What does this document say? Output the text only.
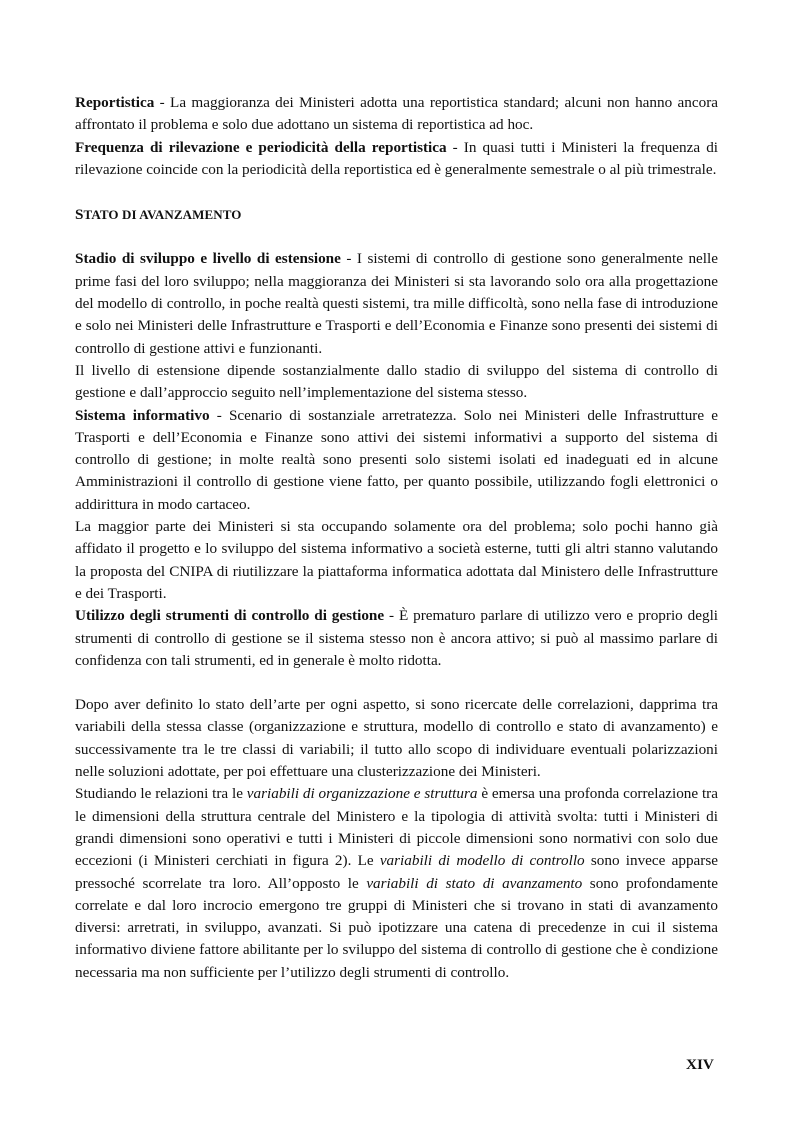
Reportistica - La maggioranza dei Ministeri adotta una reportistica standard; alcuni non hanno ancora affrontato il problema e solo due adottano un sistema di reportistica ad hoc.

Frequenza di rilevazione e periodicità della reportistica - In quasi tutti i Ministeri la frequenza di rilevazione coincide con la periodicità della reportistica ed è generalmente semestrale o al più trimestrale.

STATO DI AVANZAMENTO

Stadio di sviluppo e livello di estensione - I sistemi di controllo di gestione sono generalmente nelle prime fasi del loro sviluppo; nella maggioranza dei Ministeri si sta lavorando solo ora alla progettazione del modello di controllo, in poche realtà questi sistemi, tra mille difficoltà, sono nella fase di introduzione e solo nei Ministeri delle Infrastrutture e Trasporti e dell’Economia e Finanze sono presenti dei sistemi di controllo di gestione attivi e funzionanti.

Il livello di estensione dipende sostanzialmente dallo stadio di sviluppo del sistema di controllo di gestione e dall’approccio seguito nell’implementazione del sistema stesso.

Sistema informativo - Scenario di sostanziale arretratezza. Solo nei Ministeri delle Infrastrutture e Trasporti e dell’Economia e Finanze sono attivi dei sistemi informativi a supporto del sistema di controllo di gestione; in molte realtà sono presenti solo sistemi isolati ed inadeguati ed in alcune Amministrazioni il controllo di gestione viene fatto, per quanto possibile, utilizzando fogli elettronici o addirittura in modo cartaceo.

La maggior parte dei Ministeri si sta occupando solamente ora del problema; solo pochi hanno già affidato il progetto e lo sviluppo del sistema informativo a società esterne, tutti gli altri stanno valutando la proposta del CNIPA di riutilizzare la piattaforma informatica adottata dal Ministero delle Infrastrutture e dei Trasporti.

Utilizzo degli strumenti di controllo di gestione - È prematuro parlare di utilizzo vero e proprio degli strumenti di controllo di gestione se il sistema stesso non è ancora attivo; si può al massimo parlare di confidenza con tali strumenti, ed in generale è molto ridotta.

Dopo aver definito lo stato dell’arte per ogni aspetto, si sono ricercate delle correlazioni, dapprima tra variabili della stessa classe (organizzazione e struttura, modello di controllo e stato di avanzamento) e successivamente tra le tre classi di variabili; il tutto allo scopo di individuare eventuali polarizzazioni nelle soluzioni adottate, per poi effettuare una clusterizzazione dei Ministeri.

Studiando le relazioni tra le variabili di organizzazione e struttura è emersa una profonda correlazione tra le dimensioni della struttura centrale del Ministero e la tipologia di attività svolta: tutti i Ministeri di grandi dimensioni sono operativi e tutti i Ministeri di piccole dimensioni sono normativi con solo due eccezioni (i Ministeri cerchiati in figura 2). Le variabili di modello di controllo sono invece apparse pressoché scorrelate tra loro. All’opposto le variabili di stato di avanzamento sono profondamente correlate e dal loro incrocio emergono tre gruppi di Ministeri che si trovano in stati di avanzamento diversi: arretrati, in sviluppo, avanzati. Si può ipotizzare una catena di precedenze in cui il sistema informativo diviene fattore abilitante per lo sviluppo del sistema di controllo di gestione che è condizione necessaria ma non sufficiente per l’utilizzo degli strumenti di controllo.

XIV
